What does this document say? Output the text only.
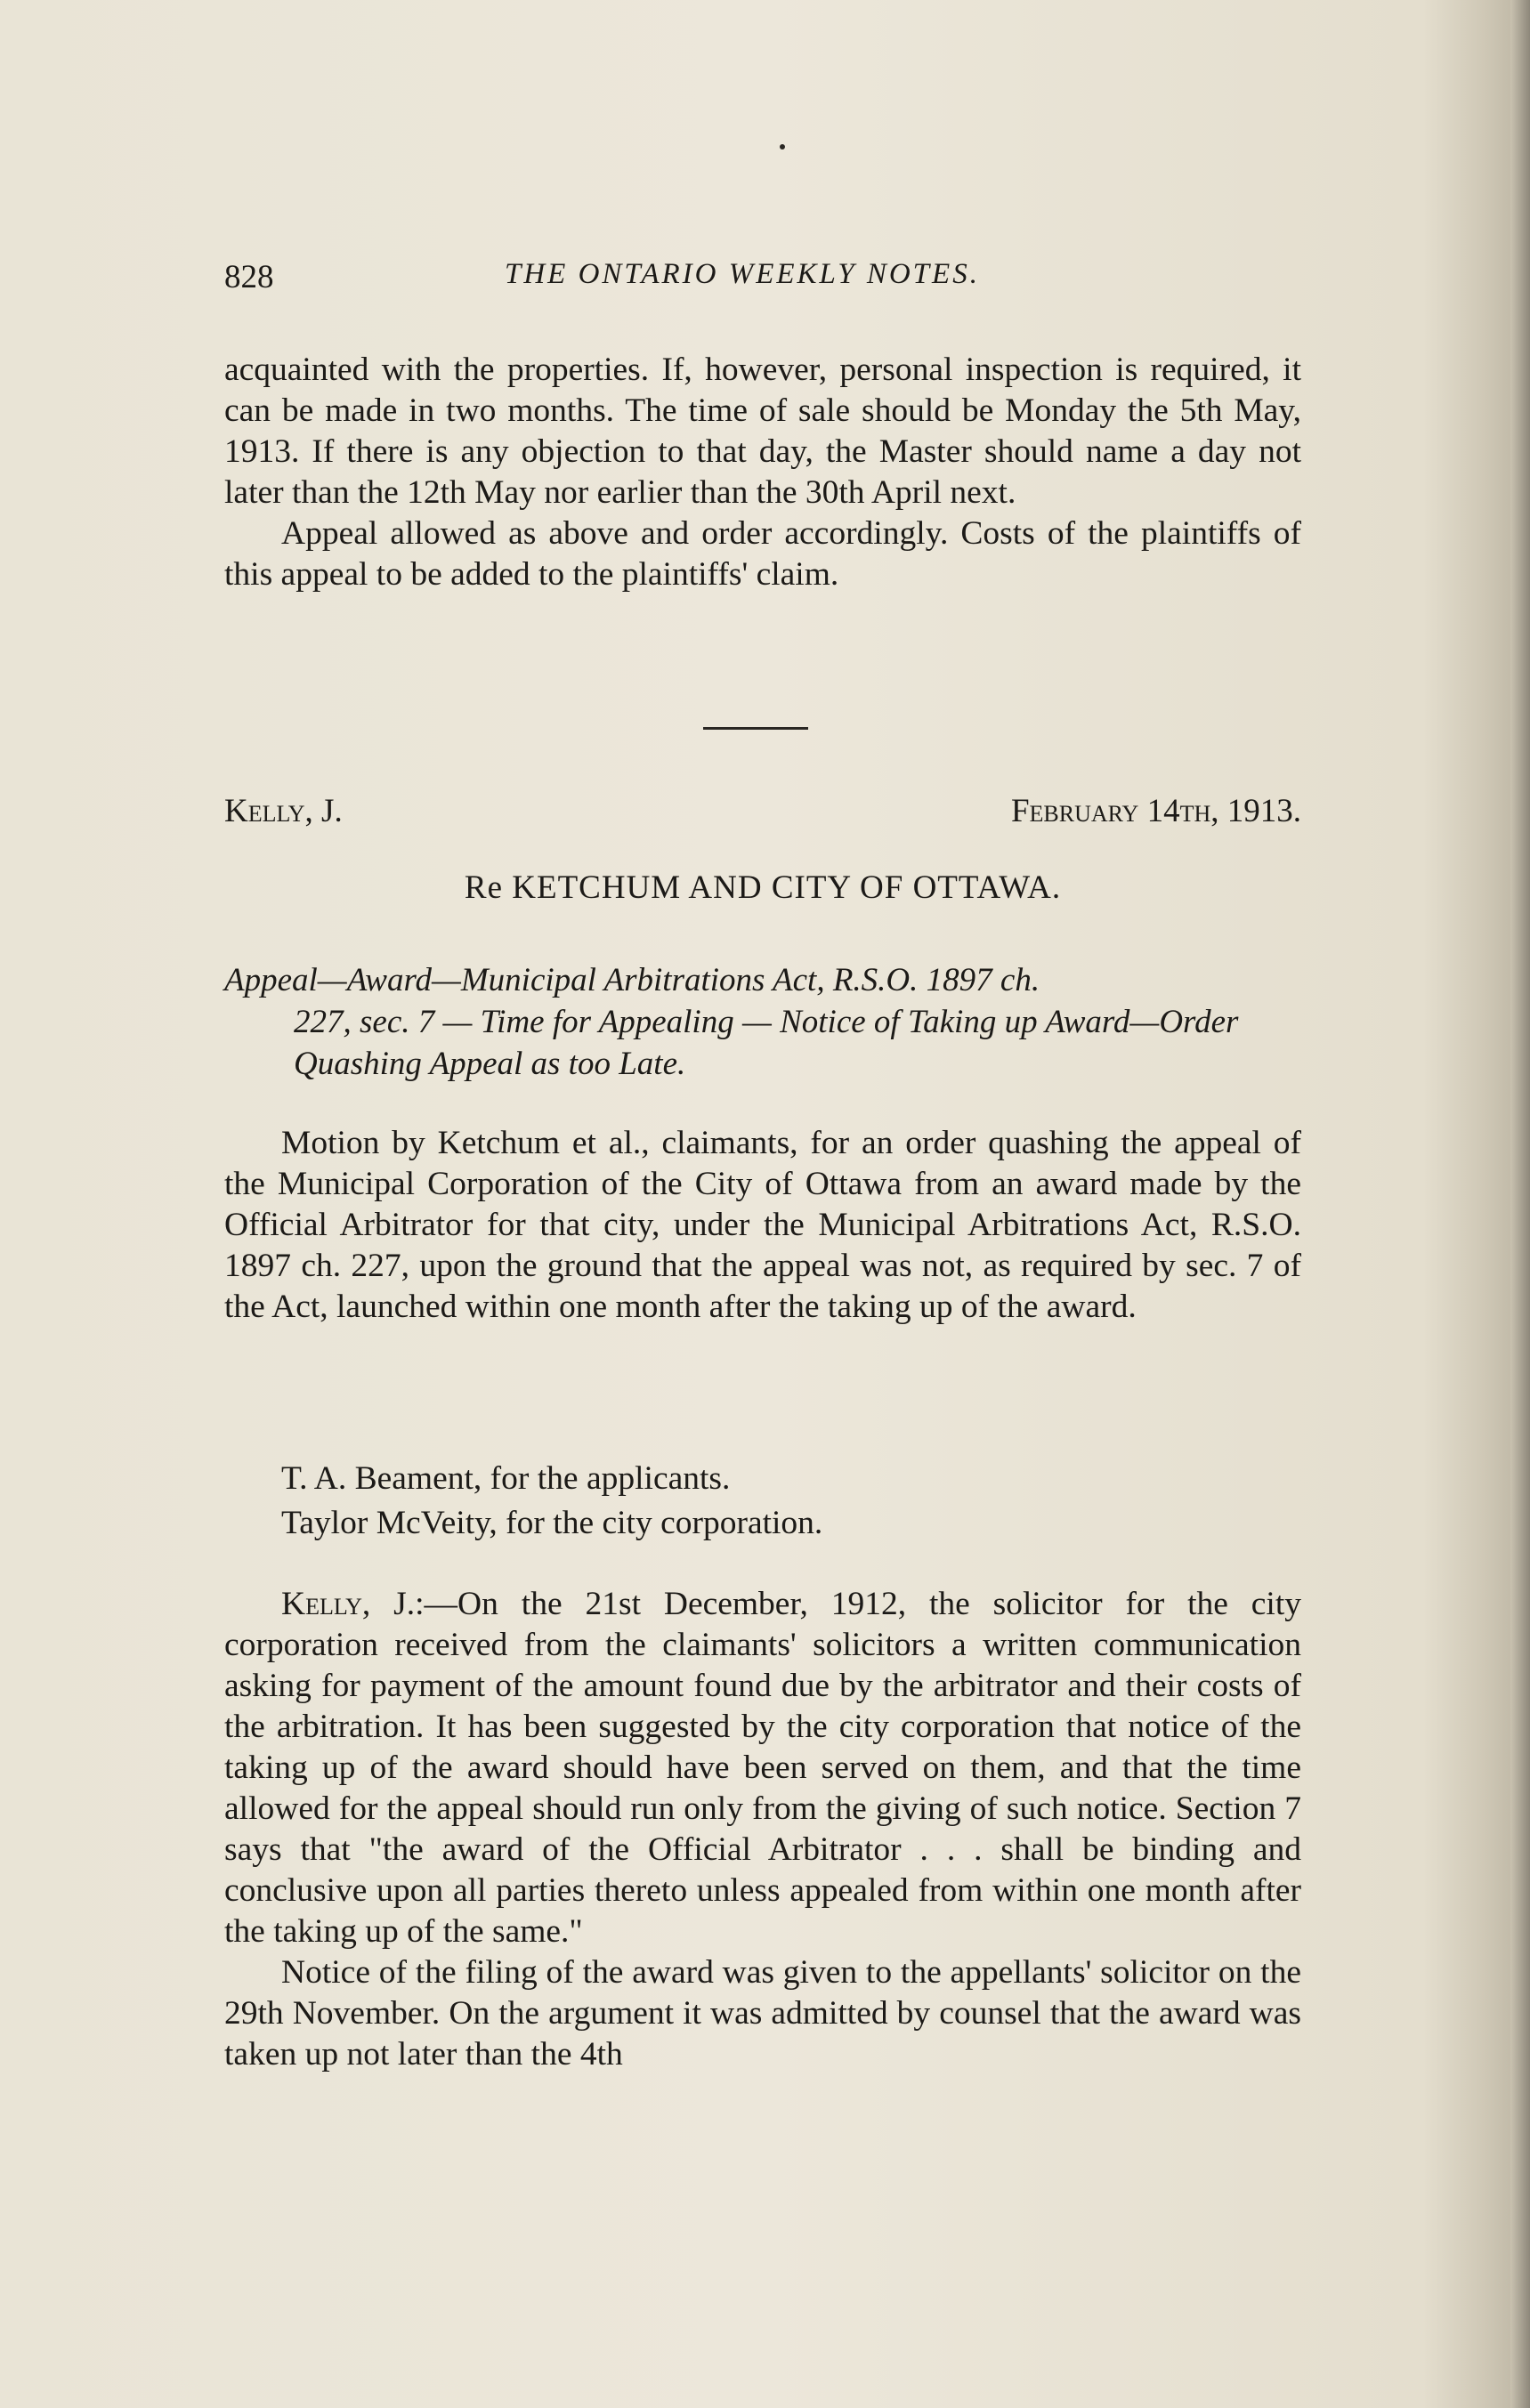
828	THE ONTARIO WEEKLY NOTES.

acquainted with the properties. If, however, personal inspection is required, it can be made in two months. The time of sale should be Monday the 5th May, 1913. If there is any objection to that day, the Master should name a day not later than the 12th May nor earlier than the 30th April next.

Appeal allowed as above and order accordingly. Costs of the plaintiffs of this appeal to be added to the plaintiffs' claim.

Kelly, J.	February 14th, 1913.
Re KETCHUM AND CITY OF OTTAWA.
Appeal—Award—Municipal Arbitrations Act, R.S.O. 1897 ch.
227, sec. 7 — Time for Appealing — Notice of Taking up Award—Order Quashing Appeal as too Late.

Motion by Ketchum et al., claimants, for an order quashing the appeal of the Municipal Corporation of the City of Ottawa from an award made by the Official Arbitrator for that city, under the Municipal Arbitrations Act, R.S.O. 1897 ch. 227, upon the ground that the appeal was not, as required by sec. 7 of the Act, launched within one month after the taking up of the award.

T. A. Beament, for the applicants.
Taylor McVeity, for the city corporation.

Kelly, J.:—On the 21st December, 1912, the solicitor for the city corporation received from the claimants' solicitors a written communication asking for payment of the amount found due by the arbitrator and their costs of the arbitration. It has been suggested by the city corporation that notice of the taking up of the award should have been served on them, and that the time allowed for the appeal should run only from the giving of such notice. Section 7 says that "the award of the Official Arbitrator . . . shall be binding and conclusive upon all parties thereto unless appealed from within one month after the taking up of the same."

Notice of the filing of the award was given to the appellants' solicitor on the 29th November. On the argument it was admitted by counsel that the award was taken up not later than the 4th
